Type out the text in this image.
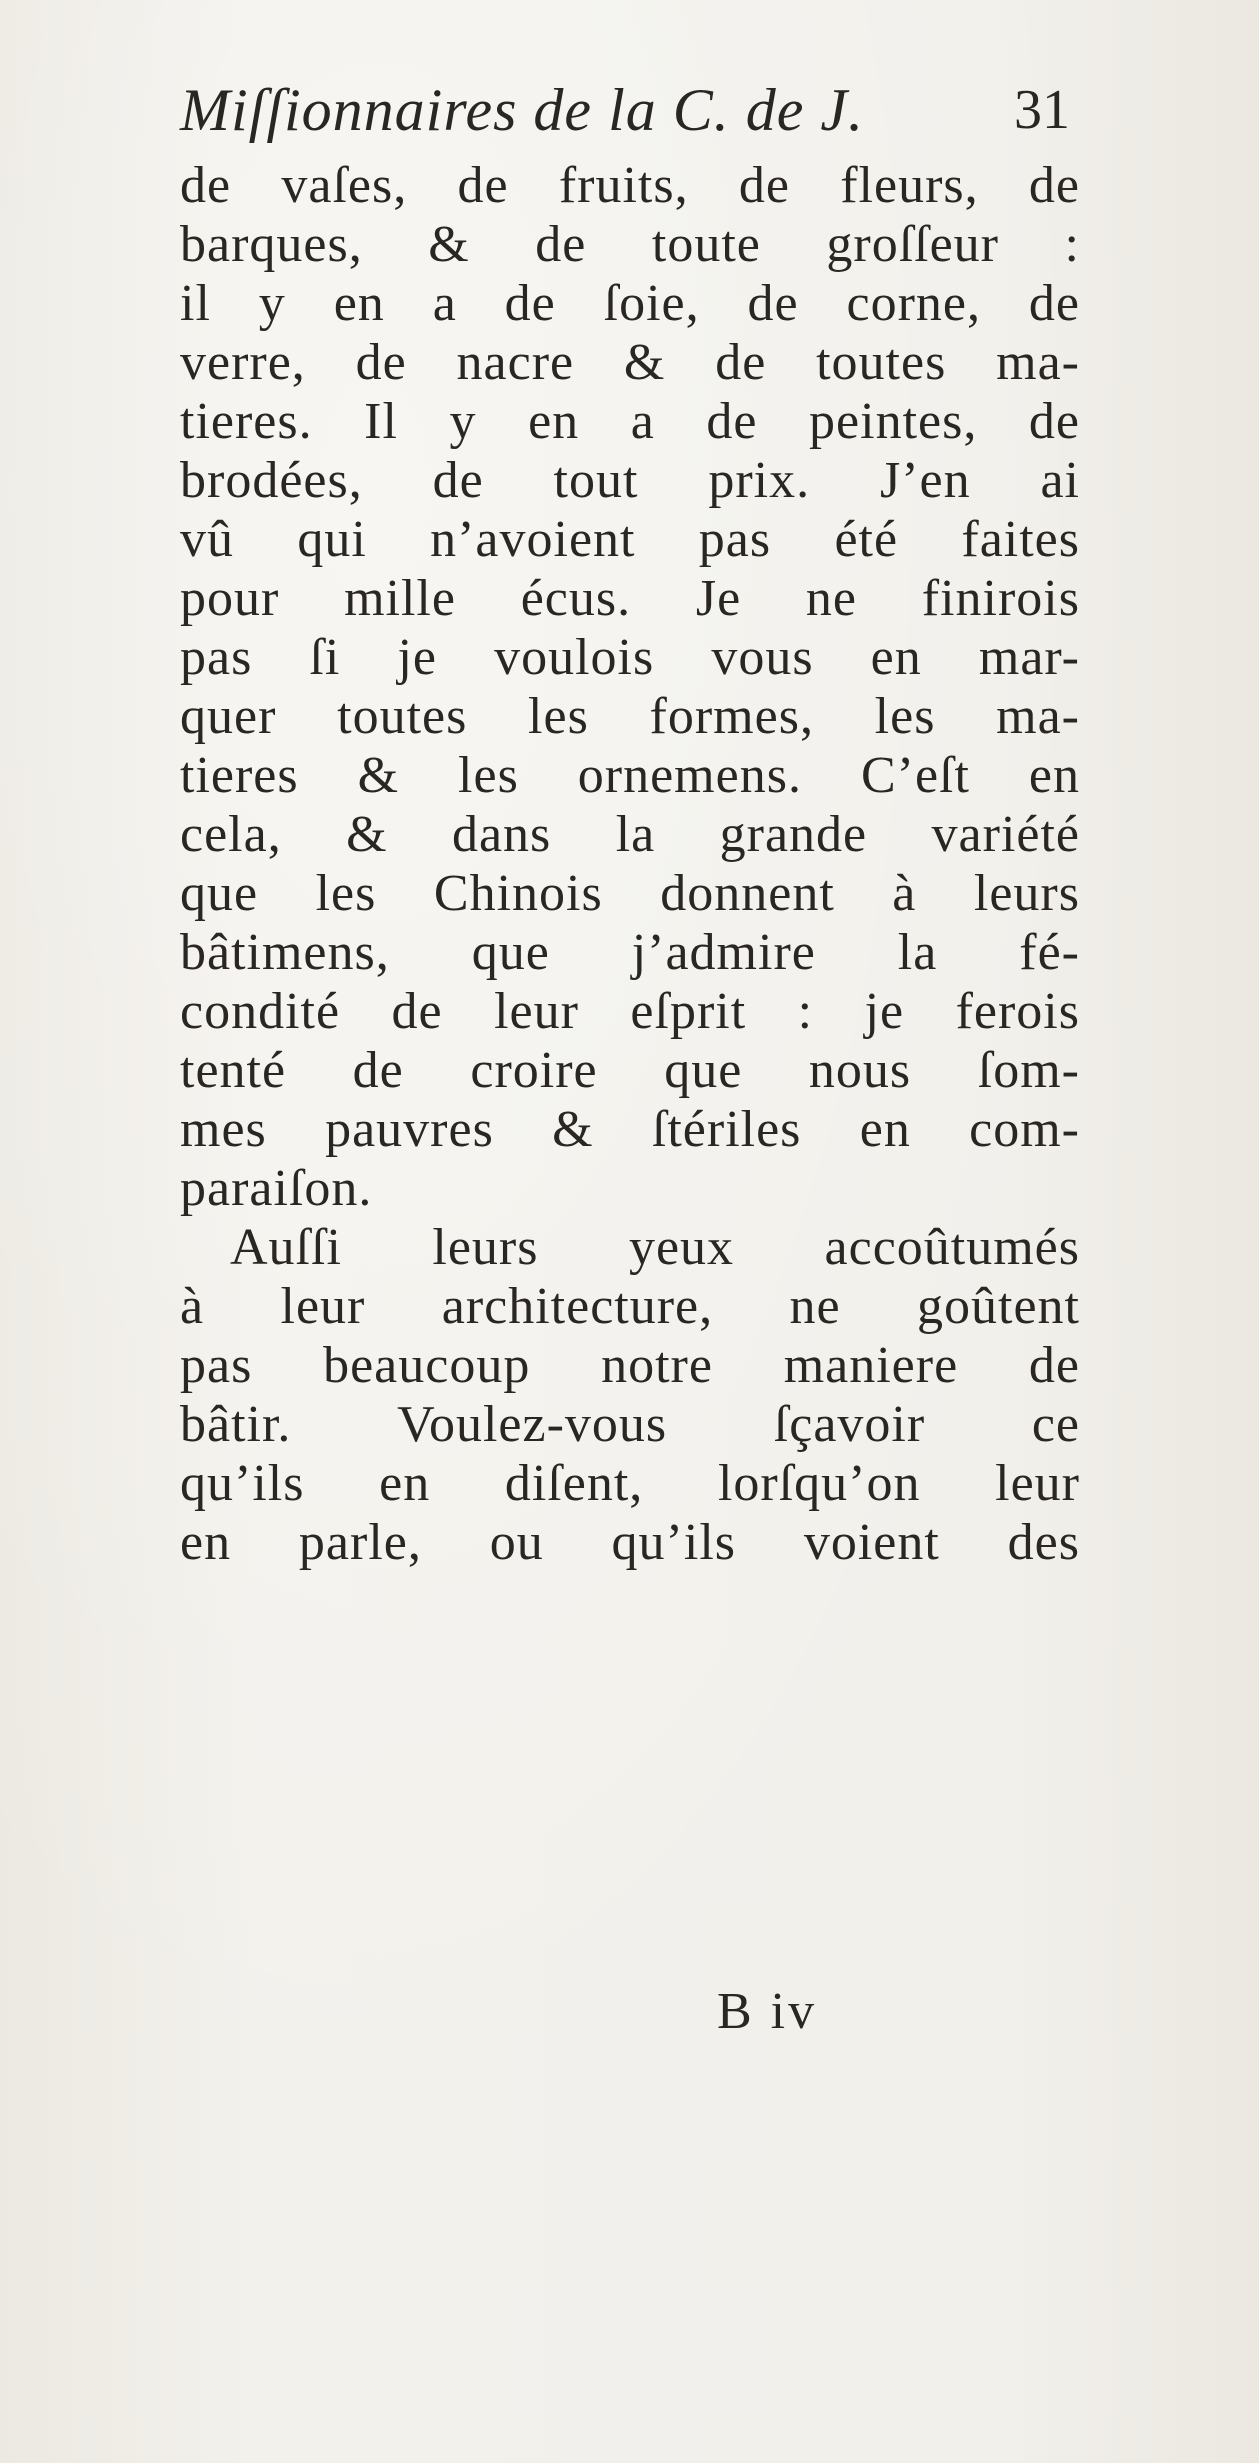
Miſſionnaires de la C. de J.	31
de vaſes, de fruits, de fleurs, de
barques, & de toute groſſeur :
il y en a de ſoie, de corne, de
verre, de nacre & de toutes ma-
tieres. Il y en a de peintes, de
brodées, de tout prix. J’en ai
vû qui n’avoient pas été faites
pour mille écus. Je ne finirois
pas ſi je voulois vous en mar-
quer toutes les formes, les ma-
tieres & les ornemens. C’eſt en
cela, & dans la grande variété
que les Chinois donnent à leurs
bâtimens, que j’admire la fé-
condité de leur eſprit : je ferois
tenté de croire que nous ſom-
mes pauvres & ſtériles en com-
paraiſon.
Auſſi leurs yeux accoûtumés
à leur architecture, ne goûtent
pas beaucoup notre maniere de
bâtir. Voulez-vous ſçavoir ce
qu’ils en diſent, lorſqu’on leur
en parle, ou qu’ils voient des
B iv
